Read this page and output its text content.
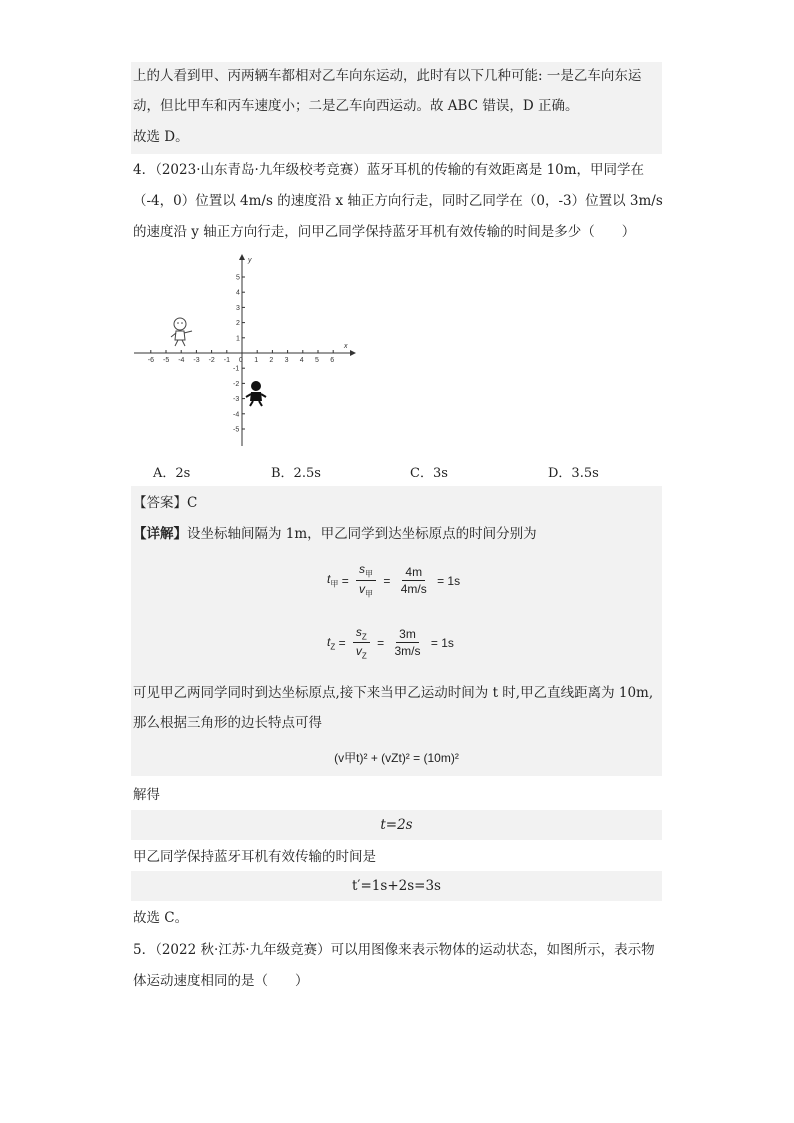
上的人看到甲、丙两辆车都相对乙车向东运动，此时有以下几种可能: 一是乙车向东运
动，但比甲车和丙车速度小；二是乙车向西运动。故 ABC 错误，D 正确。
故选 D。
4．（2023·山东青岛·九年级校考竞赛）蓝牙耳机的传输的有效距离是 10m，甲同学在
（-4，0）位置以 4m/s 的速度沿 x 轴正方向行走，同时乙同学在（0，-3）位置以 3m/s
的速度沿 y 轴正方向行走，问甲乙同学保持蓝牙耳机有效传输的时间是多少（　　）
x
y
-6 -5 -4 -3 -2 -1 0 1 2 3 4 5 6
5
4
3
2
1
-1
-2
-3
-4
-5
A．2s	B．2.5s	C．3s	D．3.5s
【答案】C
【详解】设坐标轴间隔为 1m，甲乙同学到达坐标原点的时间分别为
$t_甲 = \frac{s_甲}{v_甲} = \frac{4m}{4m/s} = 1s$
$t_Z = \frac{s_Z}{v_Z} = \frac{3m}{3m/s} = 1s$
可见甲乙两同学同时到达坐标原点,接下来当甲乙运动时间为 t 时,甲乙直线距离为 10m,
那么根据三角形的边长特点可得
(v甲t)² + (vZt)² = (10m)²
解得
t=2s
甲乙同学保持蓝牙耳机有效传输的时间是
t′=1s+2s=3s
故选 C。
5．（2022 秋·江苏·九年级竞赛）可以用图像来表示物体的运动状态，如图所示，表示物
体运动速度相同的是（　　）
